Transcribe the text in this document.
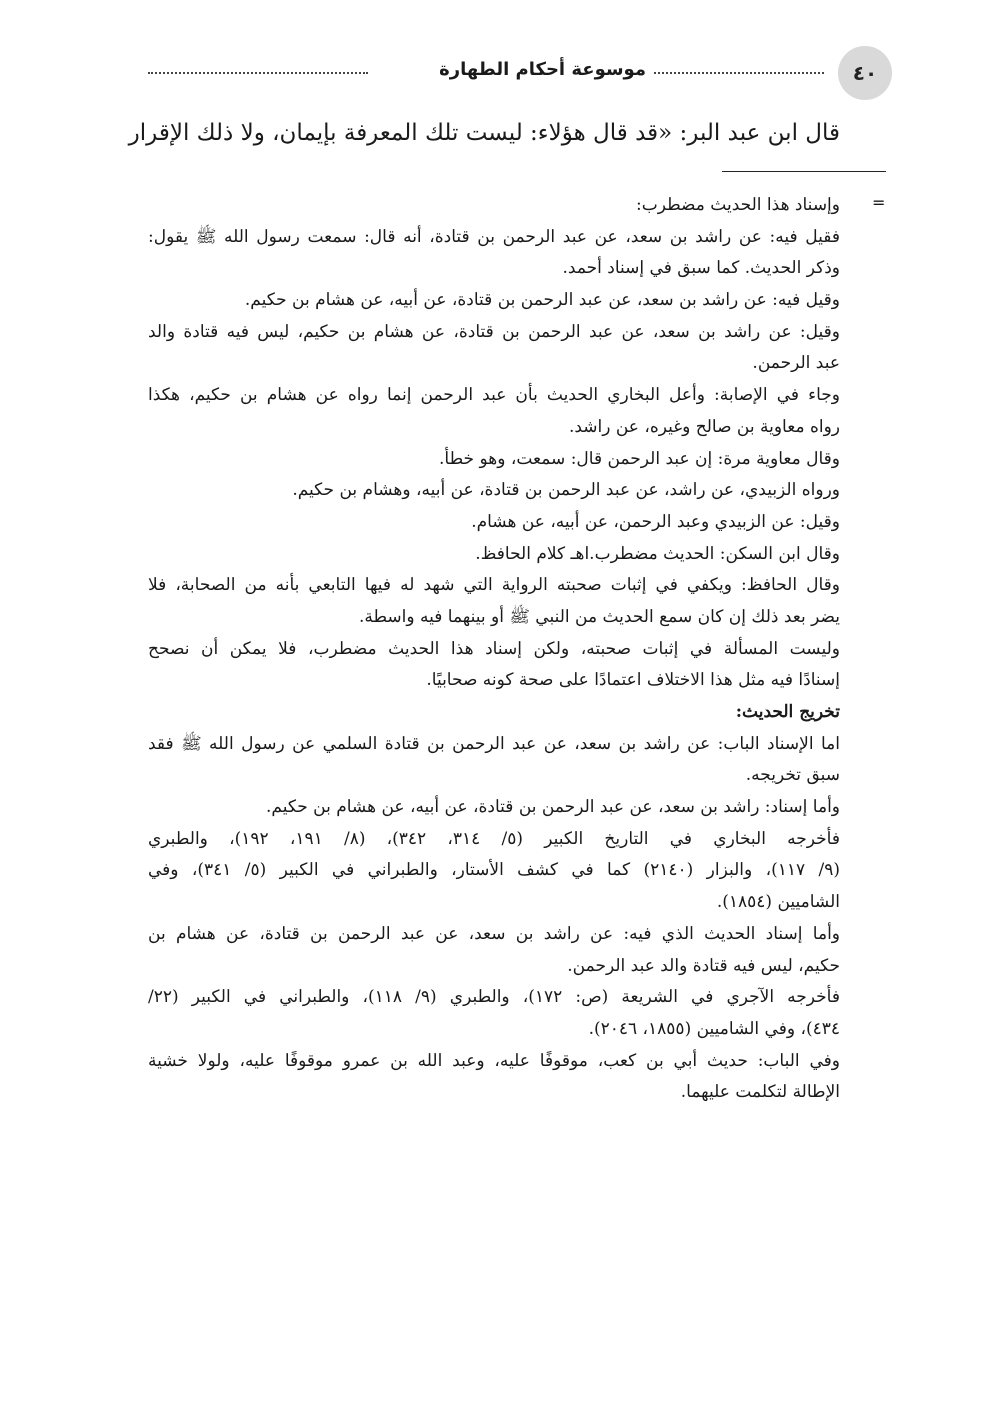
٤٠
موسوعة أحكام الطهارة
قال ابن عبد البر: «قد قال هؤلاء: ليست تلك المعرفة بإيمان، ولا ذلك الإقرار
=
وإسناد هذا الحديث مضطرب:
فقيل فيه: عن راشد بن سعد، عن عبد الرحمن بن قتادة، أنه قال: سمعت رسول الله ﷺ يقول:
وذكر الحديث. كما سبق في إسناد أحمد.
وقيل فيه: عن راشد بن سعد، عن عبد الرحمن بن قتادة، عن أبيه، عن هشام بن حكيم.
وقيل: عن راشد بن سعد، عن عبد الرحمن بن قتادة، عن هشام بن حكيم، ليس فيه قتادة والد
عبد الرحمن.
وجاء في الإصابة: وأعل البخاري الحديث بأن عبد الرحمن إنما رواه عن هشام بن حكيم، هكذا
رواه معاوية بن صالح وغيره، عن راشد.
وقال معاوية مرة: إن عبد الرحمن قال: سمعت، وهو خطأ.
ورواه الزبيدي، عن راشد، عن عبد الرحمن بن قتادة، عن أبيه، وهشام بن حكيم.
وقيل: عن الزبيدي وعبد الرحمن، عن أبيه، عن هشام.
وقال ابن السكن: الحديث مضطرب.اهـ كلام الحافظ.
وقال الحافظ: ويكفي في إثبات صحبته الرواية التي شهد له فيها التابعي بأنه من الصحابة، فلا
يضر بعد ذلك إن كان سمع الحديث من النبي ﷺ أو بينهما فيه واسطة.
وليست المسألة في إثبات صحبته، ولكن إسناد هذا الحديث مضطرب، فلا يمكن أن نصحح
إسنادًا فيه مثل هذا الاختلاف اعتمادًا على صحة كونه صحابيًا.
تخريج الحديث:
اما الإسناد الباب: عن راشد بن سعد، عن عبد الرحمن بن قتادة السلمي عن رسول الله ﷺ فقد
سبق تخريجه.
وأما إسناد: راشد بن سعد، عن عبد الرحمن بن قتادة، عن أبيه، عن هشام بن حكيم.
فأخرجه البخاري في التاريخ الكبير (٥/ ٣١٤، ٣٤٢)، (٨/ ١٩١، ١٩٢)، والطبري
(٩/ ١١٧)، والبزار (٢١٤٠) كما في كشف الأستار، والطبراني في الكبير (٥/ ٣٤١)، وفي
الشاميين (١٨٥٤).
وأما إسناد الحديث الذي فيه: عن راشد بن سعد، عن عبد الرحمن بن قتادة، عن هشام بن
حكيم، ليس فيه قتادة والد عبد الرحمن.
فأخرجه الآجري في الشريعة (ص: ١٧٢)، والطبري (٩/ ١١٨)، والطبراني في الكبير (٢٢/
٤٣٤)، وفي الشاميين (١٨٥٥، ٢٠٤٦).
وفي الباب: حديث أبي بن كعب، موقوفًا عليه، وعبد الله بن عمرو موقوفًا عليه، ولولا خشية
الإطالة لتكلمت عليهما.
